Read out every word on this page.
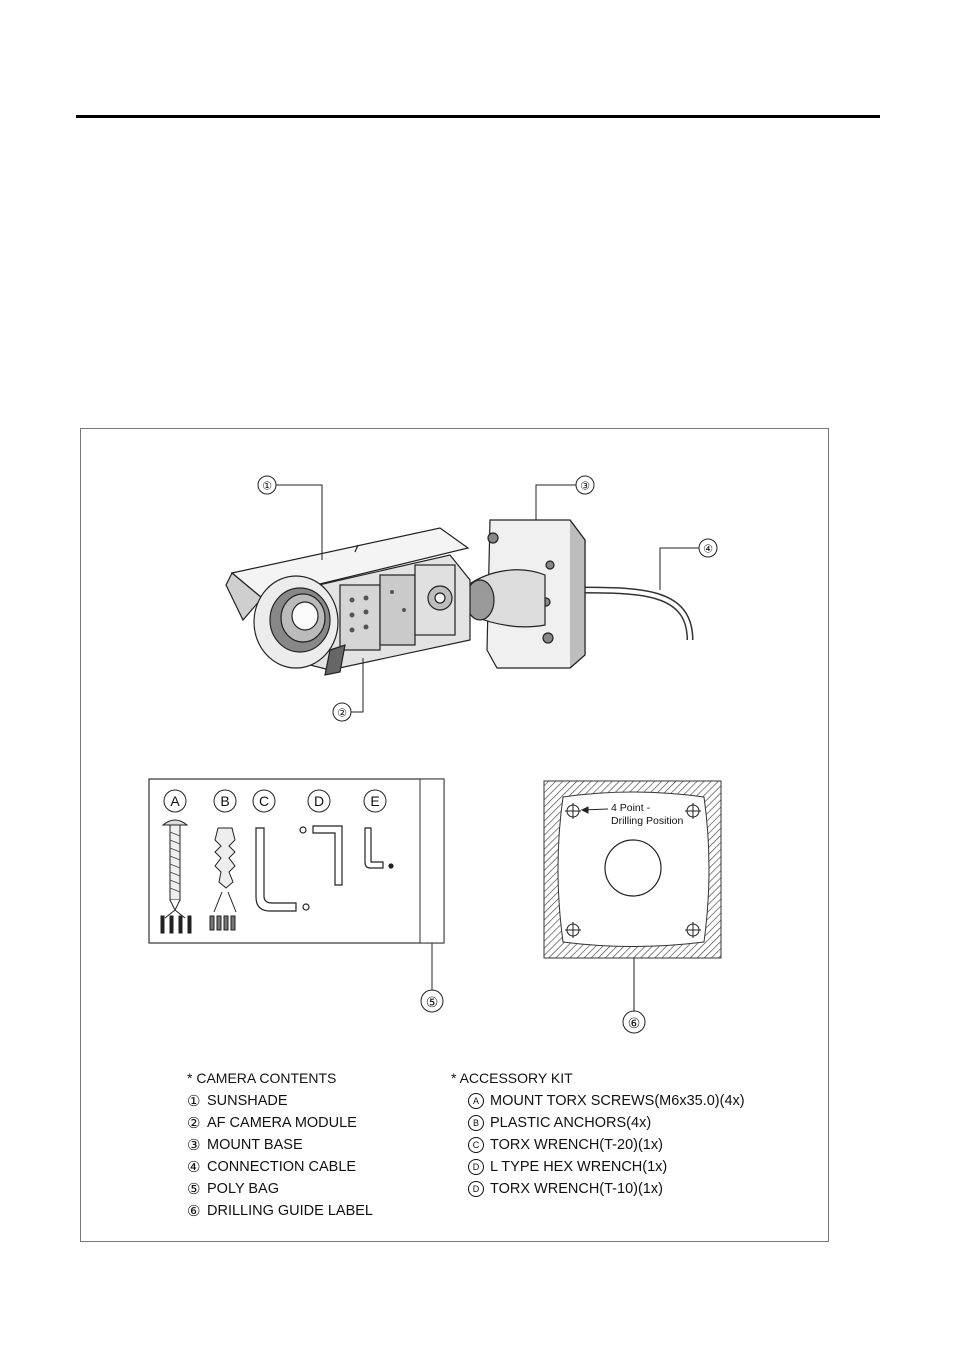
①
②
③
④
⑤
⑥
A	B C	D	E	4 Point -
Drilling Position
* CAMERA CONTENTS
① SUNSHADE
② AF CAMERA MODULE
③ MOUNT BASE
④ CONNECTION CABLE
⑤ POLY BAG
⑥ DRILLING GUIDE LABEL
* ACCESSORY KIT
A MOUNT TORX SCREWS(M6x35.0)(4x)
B PLASTIC ANCHORS(4x)
C TORX WRENCH(T-20)(1x)
D L TYPE HEX WRENCH(1x)
D TORX WRENCH(T-10)(1x)
